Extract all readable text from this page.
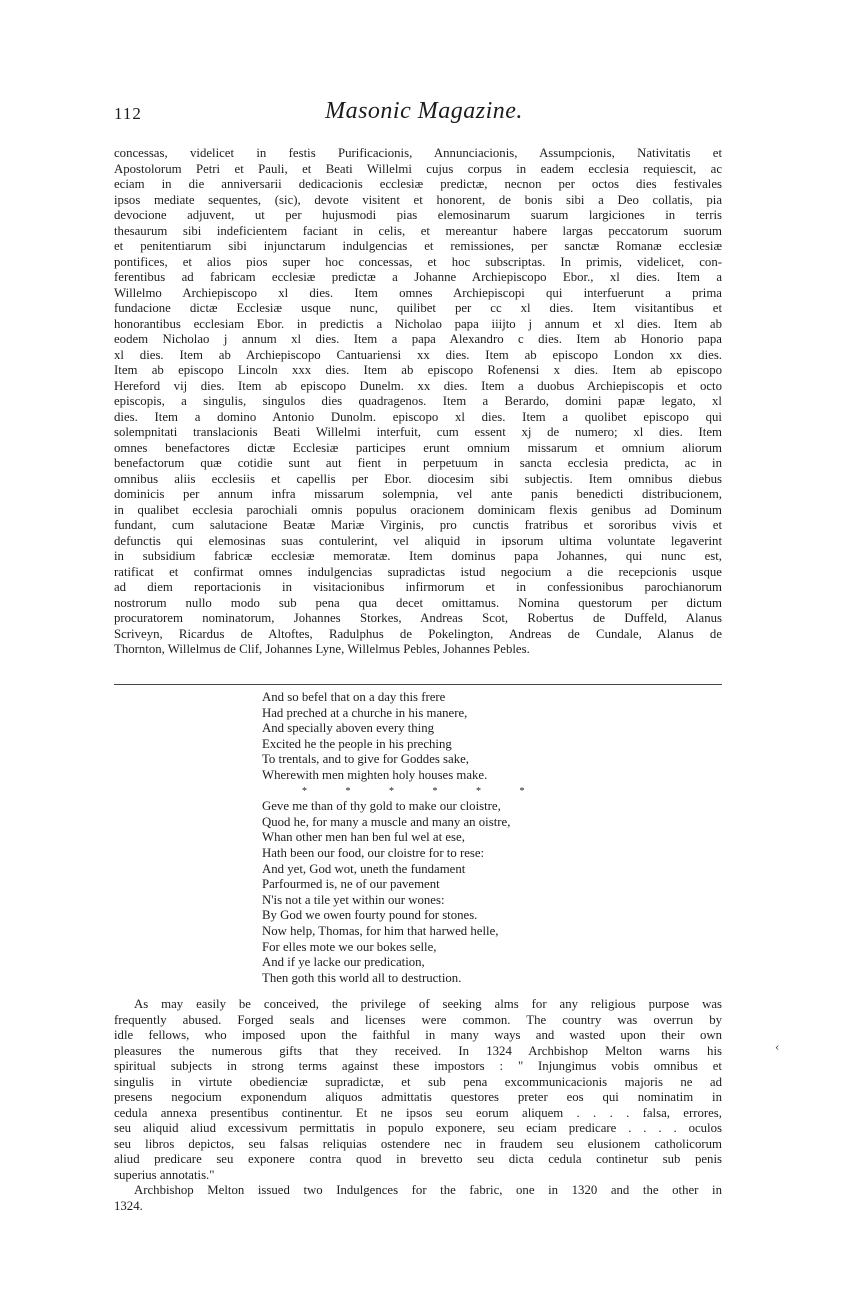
112	Masonic Magazine.
concessas, videlicet in festis Purificacionis, Annunciacionis, Assumpcionis, Nativitatis et
Apostolorum Petri et Pauli, et Beati Willelmi cujus corpus in eadem ecclesia requiescit, ac
eciam in die anniversarii dedicacionis ecclesiæ predictæ, necnon per octos dies festivales
ipsos mediate sequentes, (sic), devote visitent et honorent, de bonis sibi a Deo collatis, pia
devocione adjuvent, ut per hujusmodi pias elemosinarum suarum largiciones in terris
thesaurum sibi indeficientem faciant in celis, et mereantur habere largas peccatorum suorum
et penitentiarum sibi injunctarum indulgencias et remissiones, per sanctæ Romanæ ecclesiæ
pontifices, et alios pios super hoc concessas, et hoc subscriptas. In primis, videlicet, con-
ferentibus ad fabricam ecclesiæ predictæ a Johanne Archiepiscopo Ebor., xl dies. Item a
Willelmo Archiepiscopo xl dies. Item omnes Archiepiscopi qui interfuerunt a prima
fundacione dictæ Ecclesiæ usque nunc, quilibet per cc xl dies. Item visitantibus et
honorantibus ecclesiam Ebor. in predictis a Nicholao papa iiijto j annum et xl dies. Item ab
eodem Nicholao j annum xl dies. Item a papa Alexandro c dies. Item ab Honorio papa
xl dies. Item ab Archiepiscopo Cantuariensi xx dies. Item ab episcopo London xx dies.
Item ab episcopo Lincoln xxx dies. Item ab episcopo Rofenensi x dies. Item ab episcopo
Hereford vij dies. Item ab episcopo Dunelm. xx dies. Item a duobus Archiepiscopis et octo
episcopis, a singulis, singulos dies quadragenos. Item a Berardo, domini papæ legato, xl
dies. Item a domino Antonio Dunolm. episcopo xl dies. Item a quolibet episcopo qui
solempnitati translacionis Beati Willelmi interfuit, cum essent xj de numero; xl dies. Item
omnes benefactores dictæ Ecclesiæ participes erunt omnium missarum et omnium aliorum
benefactorum quæ cotidie sunt aut fient in perpetuum in sancta ecclesia predicta, ac in
omnibus aliis ecclesiis et capellis per Ebor. diocesim sibi subjectis. Item omnibus diebus
dominicis per annum infra missarum solempnia, vel ante panis benedicti distribucionem,
in qualibet ecclesia parochiali omnis populus oracionem dominicam flexis genibus ad Dominum
fundant, cum salutacione Beatæ Mariæ Virginis, pro cunctis fratribus et sororibus vivis et
defunctis qui elemosinas suas contulerint, vel aliquid in ipsorum ultima voluntate legaverint
in subsidium fabricæ ecclesiæ memoratæ. Item dominus papa Johannes, qui nunc est,
ratificat et confirmat omnes indulgencias supradictas istud negocium a die recepcionis usque
ad diem reportacionis in visitacionibus infirmorum et in confessionibus parochianorum
nostrorum nullo modo sub pena qua decet omittamus. Nomina questorum per dictum
procuratorem nominatorum, Johannes Storkes, Andreas Scot, Robertus de Duffeld, Alanus
Scriveyn, Ricardus de Altoftes, Radulphus de Pokelington, Andreas de Cundale, Alanus de
Thornton, Willelmus de Clif, Johannes Lyne, Willelmus Pebles, Johannes Pebles.
And so befel that on a day this frere
Had preched at a churche in his manere,
And specially aboven every thing
Excited he the people in his preching
To trentals, and to give for Goddes sake,
Wherewith men mighten holy houses make.
* * * * * *
Geve me than of thy gold to make our cloistre,
Quod he, for many a muscle and many an oistre,
Whan other men han ben ful wel at ese,
Hath been our food, our cloistre for to rese:
And yet, God wot, uneth the fundament
Parfourmed is, ne of our pavement
N'is not a tile yet within our wones:
By God we owen fourty pound for stones.
Now help, Thomas, for him that harwed helle,
For elles mote we our bokes selle,
And if ye lacke our predication,
Then goth this world all to destruction.
As may easily be conceived, the privilege of seeking alms for any religious purpose was
frequently abused. Forged seals and licenses were common. The country was overrun by
idle fellows, who imposed upon the faithful in many ways and wasted upon their own
pleasures the numerous gifts that they received. In 1324 Archbishop Melton warns his
spiritual subjects in strong terms against these impostors : " Injungimus vobis omnibus et
singulis in virtute obedienciæ supradictæ, et sub pena excommunicacionis majoris ne ad
presens negocium exponendum aliquos admittatis questores preter eos qui nominatim in
cedula annexa presentibus continentur. Et ne ipsos seu eorum aliquem . . . . falsa, errores,
seu aliquid aliud excessivum permittatis in populo exponere, seu eciam predicare . . . . oculos
seu libros depictos, seu falsas reliquias ostendere nec in fraudem seu elusionem catholicorum
aliud predicare seu exponere contra quod in brevetto seu dicta cedula continetur sub penis
superius annotatis."
Archbishop Melton issued two Indulgences for the fabric, one in 1320 and the other in
1324.
‹
